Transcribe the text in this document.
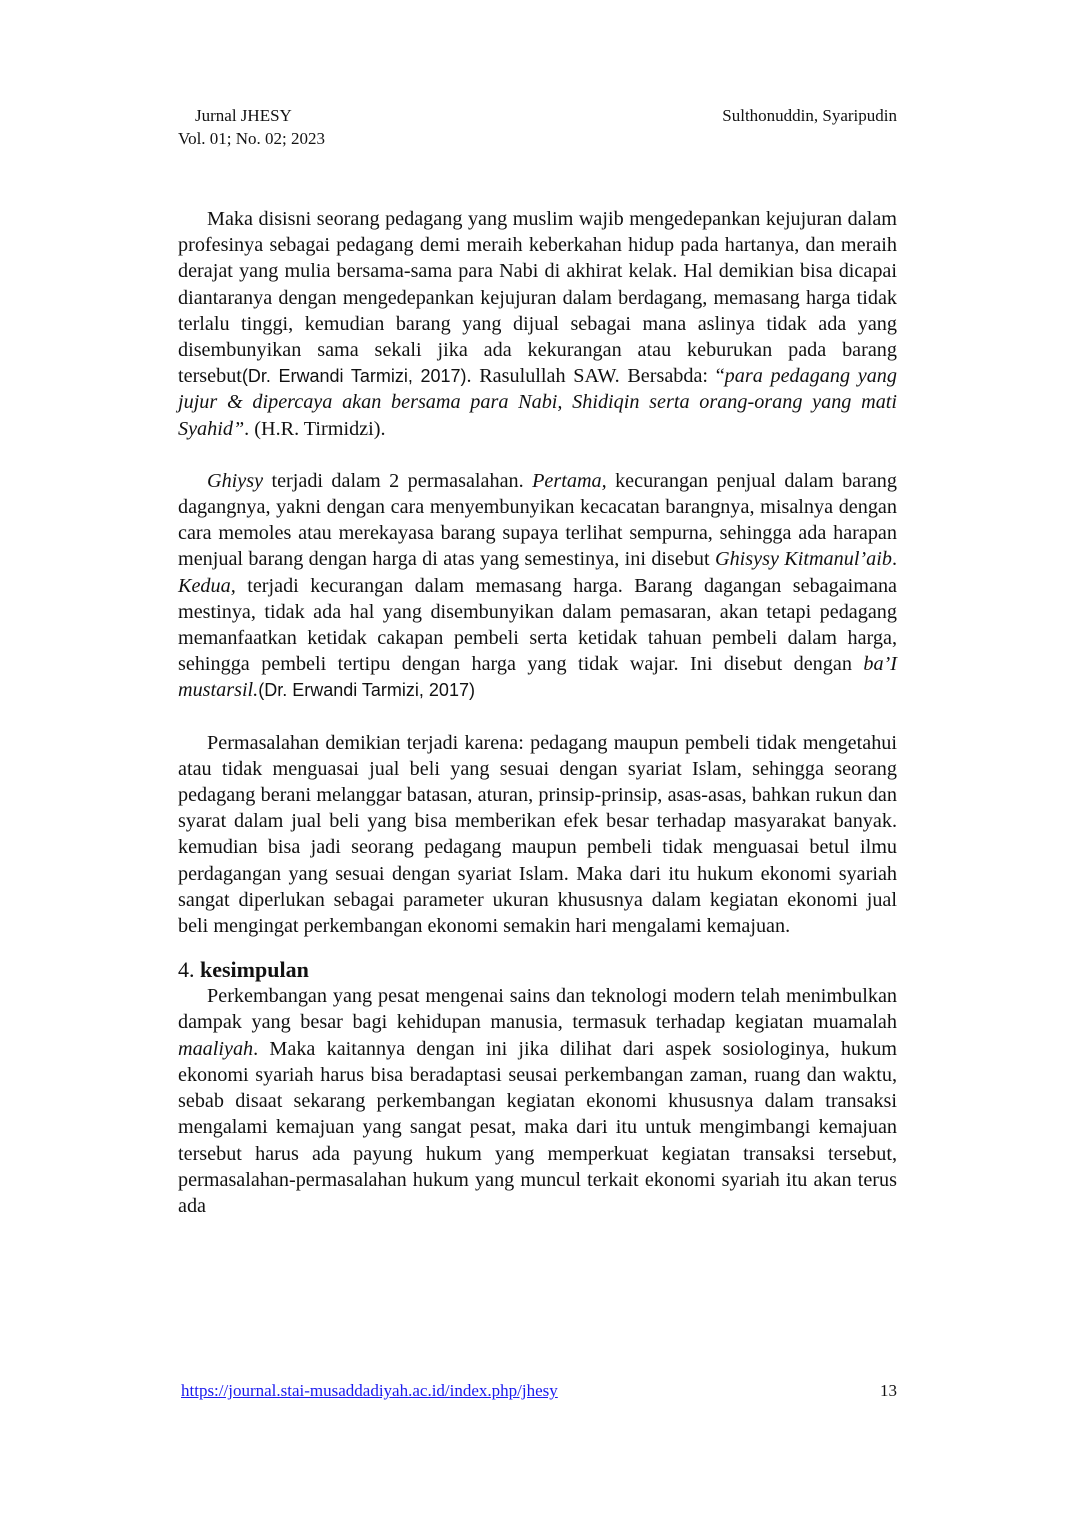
Jurnal JHESY
Vol. 01; No. 02; 2023
Sulthonuddin, Syaripudin

Maka disisni seorang pedagang yang muslim wajib mengedepankan kejujuran dalam profesinya sebagai pedagang demi meraih keberkahan hidup pada hartanya, dan meraih derajat yang mulia bersama-sama para Nabi di akhirat kelak. Hal demikian bisa dicapai diantaranya dengan mengedepankan kejujuran dalam berdagang, memasang harga tidak terlalu tinggi, kemudian barang yang dijual sebagai mana aslinya tidak ada yang disembunyikan sama sekali jika ada kekurangan atau keburukan pada barang tersebut(Dr. Erwandi Tarmizi, 2017). Rasulullah SAW. Bersabda: “para pedagang yang jujur & dipercaya akan bersama para Nabi, Shidiqin serta orang-orang yang mati Syahid”. (H.R. Tirmidzi).

Ghiysy terjadi dalam 2 permasalahan. Pertama, kecurangan penjual dalam barang dagangnya, yakni dengan cara menyembunyikan kecacatan barangnya, misalnya dengan cara memoles atau merekayasa barang supaya terlihat sempurna, sehingga ada harapan menjual barang dengan harga di atas yang semestinya, ini disebut Ghisysy Kitmanul’aib. Kedua, terjadi kecurangan dalam memasang harga. Barang dagangan sebagaimana mestinya, tidak ada hal yang disembunyikan dalam pemasaran, akan tetapi pedagang memanfaatkan ketidak cakapan pembeli serta ketidak tahuan pembeli dalam harga, sehingga pembeli tertipu dengan harga yang tidak wajar. Ini disebut dengan ba’I mustarsil.(Dr. Erwandi Tarmizi, 2017)

Permasalahan demikian terjadi karena: pedagang maupun pembeli tidak mengetahui atau tidak menguasai jual beli yang sesuai dengan syariat Islam, sehingga seorang pedagang berani melanggar batasan, aturan, prinsip-prinsip, asas-asas, bahkan rukun dan syarat dalam jual beli yang bisa memberikan efek besar terhadap masyarakat banyak. kemudian bisa jadi seorang pedagang maupun pembeli tidak menguasai betul ilmu perdagangan yang sesuai dengan syariat Islam. Maka dari itu hukum ekonomi syariah sangat diperlukan sebagai parameter ukuran khususnya dalam kegiatan ekonomi jual beli mengingat perkembangan ekonomi semakin hari mengalami kemajuan.

4. kesimpulan

Perkembangan yang pesat mengenai sains dan teknologi modern telah menimbulkan dampak yang besar bagi kehidupan manusia, termasuk terhadap kegiatan muamalah maaliyah. Maka kaitannya dengan ini jika dilihat dari aspek sosiologinya, hukum ekonomi syariah harus bisa beradaptasi seusai perkembangan zaman, ruang dan waktu, sebab disaat sekarang perkembangan kegiatan ekonomi khususnya dalam transaksi mengalami kemajuan yang sangat pesat, maka dari itu untuk mengimbangi kemajuan tersebut harus ada payung hukum yang memperkuat kegiatan transaksi tersebut, permasalahan-permasalahan hukum yang muncul terkait ekonomi syariah itu akan terus ada

https://journal.stai-musaddadiyah.ac.id/index.php/jhesy	13
